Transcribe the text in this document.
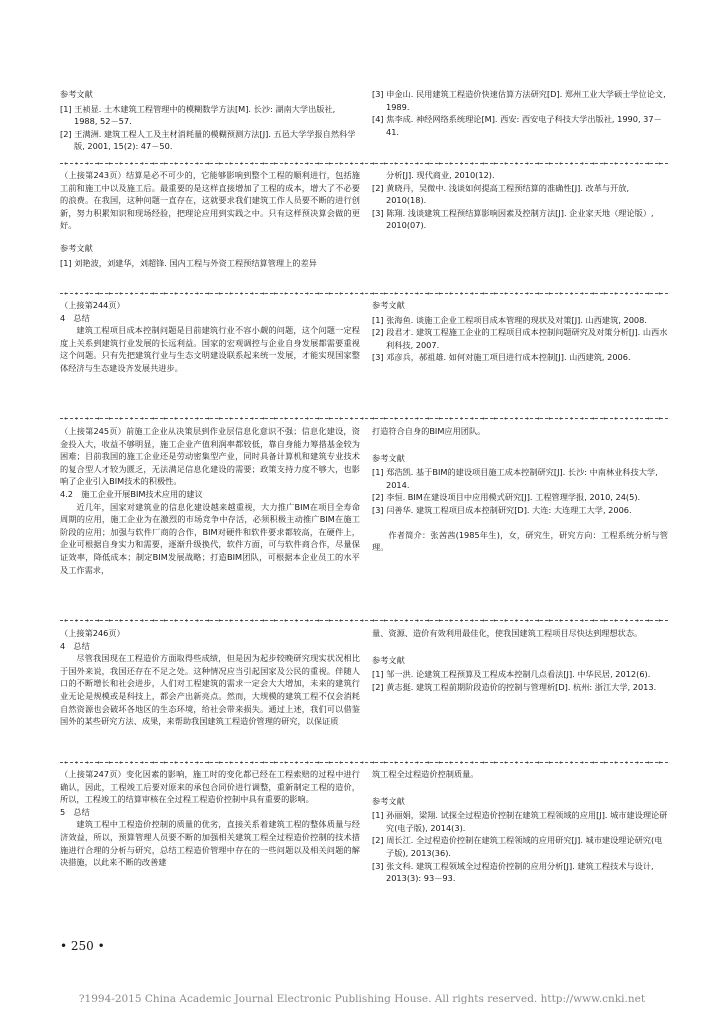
参考文献

[1] 王祯显. 土木建筑工程管理中的模糊数学方法[M]. 长沙: 湖南大学出版社, 1988, 52－57.

[2] 王满洲. 建筑工程人工及主材消耗量的模糊预测方法[J]. 五邑大学学报自然科学版, 2001, 15(2): 47－50.

[3] 申金山. 民用建筑工程造价快速估算方法研究[D]. 郑州工业大学硕士学位论文, 1989.

[4] 焦李成. 神经网络系统理论[M]. 西安: 西安电子科技大学出版社, 1990, 37－41.

（上接第243页）结算是必不可少的，它能够影响到整个工程的顺利进行，包括施工前和施工中以及施工后。最重要的是这样直接增加了工程的成本，增大了不必要的浪费。在我国，这种问题一直存在，这就要求我们建筑工作人员要不断的进行创新，努力积累知识和现场经验，把理论应用到实践之中。只有这样预决算会做的更好。

参考文献

[1] 刘艳波，刘建华，刘超锋. 国内工程与外资工程预结算管理上的差异

分析[J]. 现代商业, 2010(12).

[2] 黄晓丹，吴微中. 浅谈如何提高工程预结算的准确性[J]. 改革与开放, 2010(18).

[3] 陈翔. 浅谈建筑工程预结算影响因素及控制方法[J]. 企业家天地（理论版）, 2010(07).

（上接第244页）

4　总结

建筑工程项目成本控制问题是目前建筑行业不容小觑的问题，这个问题一定程度上关系到建筑行业发展的长远利益。国家的宏观调控与企业自身发展都需要重视这个问题。只有先把建筑行业与生态文明建设联系起来统一发展，才能实现国家整体经济与生态建设齐发展共进步。

参考文献

[1] 张海鱼. 谈施工企业工程项目成本管理的现状及对策[J]. 山西建筑, 2008.

[2] 段君才. 建筑工程施工企业的工程项目成本控制问题研究及对策分析[J]. 山西水利科技, 2007.

[3] 邓彦兵，郝祖雄. 如何对施工项目进行成本控制[J]. 山西建筑, 2006.

（上接第245页）前施工企业从决策层到作业层信息化意识不强；信息化建设，资金投入大，收益不够明显，施工企业产值利润率都较低，靠自身能力筹措基金较为困难；目前我国的施工企业还是劳动密集型产业，同时具备计算机和建筑专业技术的复合型人才较为匮乏，无法满足信息化建设的需要；政策支持力度不够大，也影响了企业引入BIM技术的积极性。

4.2　施工企业开展BIM技术应用的建议

近几年，国家对建筑业的信息化建设越来越重视，大力推广BIM在项目全寿命周期的应用，施工企业为在激烈的市场竞争中存活，必须积极主动推广BIM在施工阶段的应用；加强与软件厂商的合作，BIM对硬件和软件要求都较高，在硬件上，企业可根据自身实力和需要，逐渐升级换代，软件方面，可与软件商合作，尽量保证效率，降低成本；制定BIM发展战略；打造BIM团队，可根据本企业员工的水平及工作需求，

打造符合自身的BIM应用团队。

参考文献

[1] 郑浩凯. 基于BIM的建设项目施工成本控制研究[J]. 长沙: 中南林业科技大学, 2014.

[2] 李恒. BIM在建设项目中应用模式研究[J]. 工程管理学报, 2010, 24(5).

[3] 闫善华. 建筑工程项目成本控制研究[D]. 大连: 大连理工大学, 2006.

作者简介：张茜茜(1985年生)，女，研究生，研究方向：工程系统分析与管理。

（上接第246页）

4　总结

尽管我国现在工程造价方面取得些成绩，但是因为起步较晚研究现实状况相比于国外来说，我国还存在不足之处。这种情况应当引起国家及公民的重视。伴随人口的不断增长和社会进步，人们对工程建筑的需求一定会大大增加，未来的建筑行业无论是规模或是科技上，都会产出新亮点。然而，大规模的建筑工程不仅会消耗自然资源也会破坏各地区的生态环境，给社会带来损失。通过上述，我们可以借鉴国外的某些研究方法、成果，来帮助我国建筑工程造价管理的研究，以保证质

量、资源、造价有效利用最佳化，使我国建筑工程项目尽快达到理想状态。

参考文献

[1] 邹一洪. 论建筑工程预算及工程成本控制几点看法[J]. 中华民居, 2012(6).

[2] 黄志挺. 建筑工程前期阶段造价的控制与管理析[D]. 杭州: 浙江大学, 2013.

（上接第247页）变化因素的影响，施工时的变化都已经在工程索赔的过程中进行确认，因此，工程竣工后要对原来的承包合同价进行调整，重新制定工程的造价，所以，工程竣工的结算审核在全过程工程造价控制中具有重要的影响。

5　总结

建筑工程中工程造价控制的质量的优劣，直接关系着建筑工程的整体质量与经济效益，所以，预算管理人员要不断的加强相关建筑工程全过程造价控制的技术措施进行合理的分析与研究，总结工程造价管理中存在的一些问题以及相关问题的解决措施，以此来不断的改善建

筑工程全过程造价控制质量。

参考文献

[1] 孙丽娟，梁翔. 试探全过程造价控制在建筑工程领域的应用[J]. 城市建设理论研究(电子版), 2014(3).

[2] 周长江. 全过程造价控制在建筑工程领域的应用研究[J]. 城市建设理论研究(电子版), 2013(36).

[3] 张文科. 建筑工程领域全过程造价控制的应用分析[J]. 建筑工程技术与设计, 2013(3): 93－93.

• 250 •
?1994-2015 China Academic Journal Electronic Publishing House. All rights reserved. http://www.cnki.net
